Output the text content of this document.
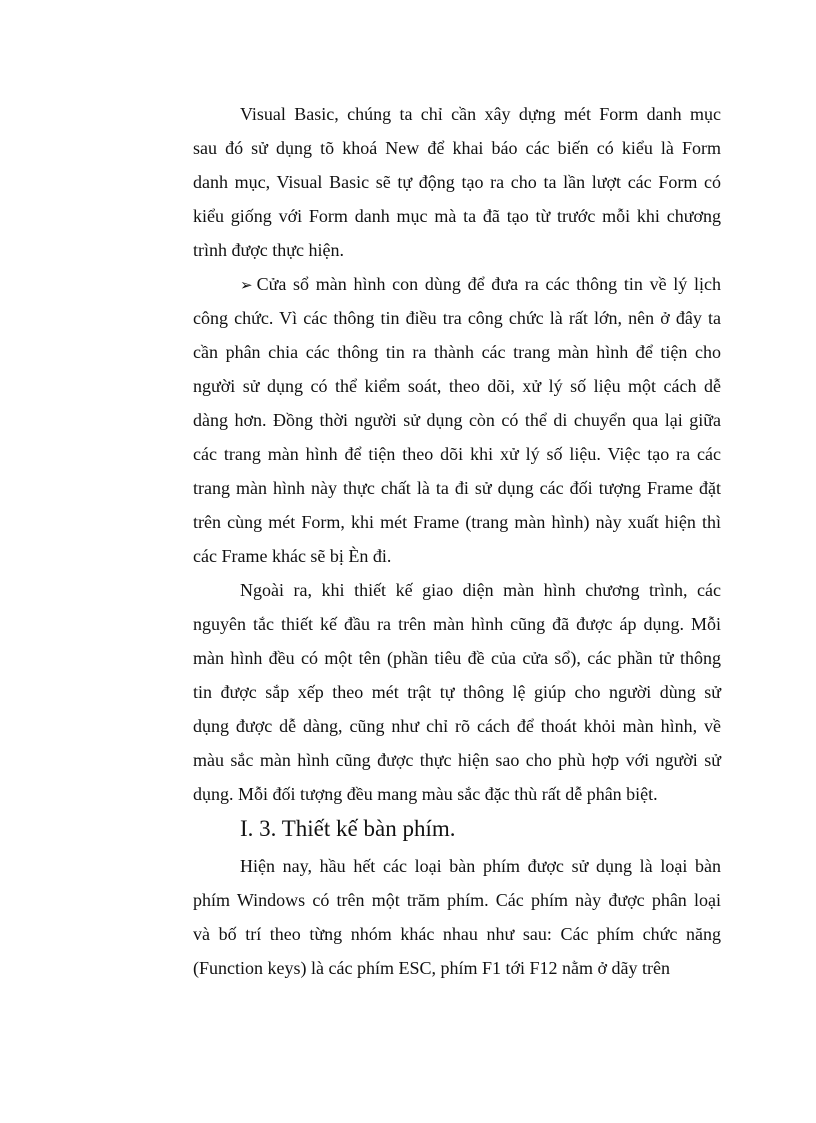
Visual Basic, chúng ta chỉ cần xây dựng mét Form danh mục
sau đó sử dụng tõ khoá New để khai báo các biến có kiểu là Form
danh mục, Visual Basic sẽ tự động tạo ra cho ta lần lượt các Form có
kiểu giống với Form danh mục mà ta đã tạo từ trước mỗi khi chương
trình được thực hiện.
➢ Cửa sổ màn hình con dùng để đưa ra các thông tin về lý lịch
công chức. Vì các thông tin điều tra công chức là rất lớn, nên ở đây ta
cần phân chia các thông tin ra thành các trang màn hình để tiện cho
người sử dụng có thể kiểm soát, theo dõi, xử lý số liệu một cách dễ
dàng hơn. Đồng thời người sử dụng còn có thể di chuyển qua lại giữa
các trang màn hình để tiện theo dõi khi xử lý số liệu. Việc tạo ra các
trang màn hình này thực chất là ta đi sử dụng các đối tượng Frame đặt
trên cùng mét Form, khi mét Frame (trang màn hình) này xuất hiện thì
các Frame khác sẽ bị Èn đi.
Ngoài ra, khi thiết kế giao diện màn hình chương trình, các
nguyên tắc thiết kế đầu ra trên màn hình cũng đã được áp dụng. Mỗi
màn hình đều có một tên (phần tiêu đề của cửa sổ), các phần tử thông
tin được sắp xếp theo mét trật tự thông lệ giúp cho người dùng sử
dụng được dễ dàng, cũng như chỉ rõ cách để thoát khỏi màn hình, về
màu sắc màn hình cũng được thực hiện sao cho phù hợp với người sử
dụng. Mỗi đối tượng đều mang màu sắc đặc thù rất dễ phân biệt.
I. 3. Thiết kế bàn phím.
Hiện nay, hầu hết các loại bàn phím được sử dụng là loại bàn
phím Windows có trên một trăm phím. Các phím này được phân loại
và bố trí theo từng nhóm khác nhau như sau: Các phím chức năng
(Function keys) là các phím ESC, phím F1 tới F12 nằm ở dãy trên
